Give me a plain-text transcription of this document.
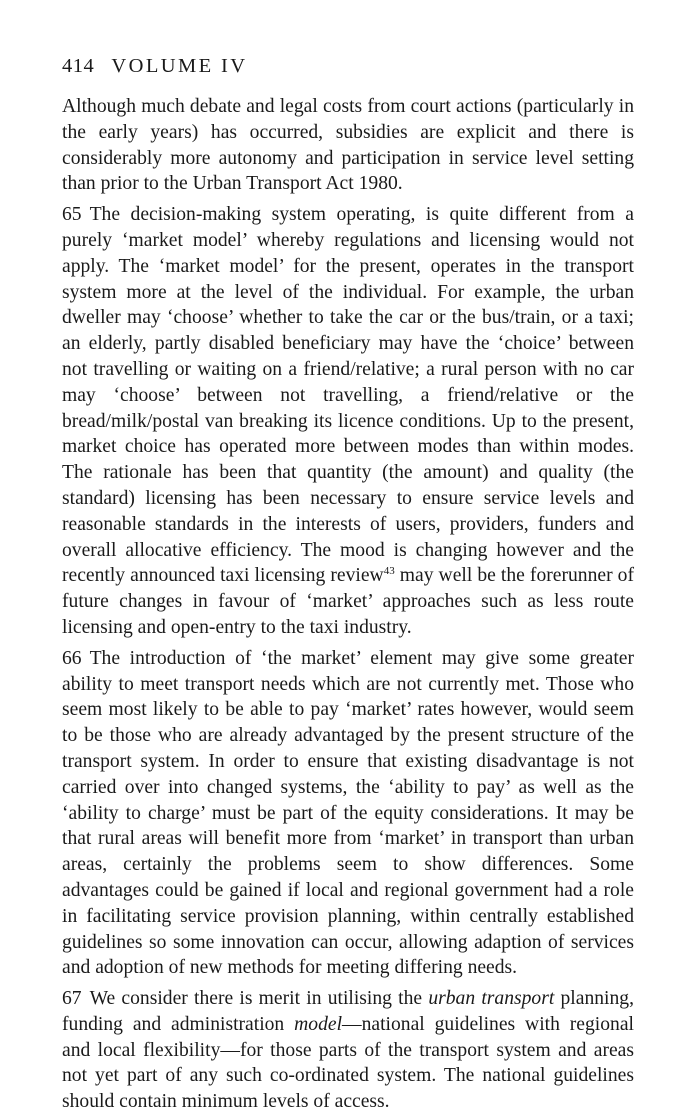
414 VOLUME IV

Although much debate and legal costs from court actions (particularly in the early years) has occurred, subsidies are explicit and there is considerably more autonomy and participation in service level setting than prior to the Urban Transport Act 1980.

65 The decision-making system operating, is quite different from a purely ‘market model’ whereby regulations and licensing would not apply. The ‘market model’ for the present, operates in the transport system more at the level of the individual. For example, the urban dweller may ‘choose’ whether to take the car or the bus/train, or a taxi; an elderly, partly disabled beneficiary may have the ‘choice’ between not travelling or waiting on a friend/relative; a rural person with no car may ‘choose’ between not travelling, a friend/relative or the bread/milk/postal van breaking its licence conditions. Up to the present, market choice has operated more between modes than within modes. The rationale has been that quantity (the amount) and quality (the standard) licensing has been necessary to ensure service levels and reasonable standards in the interests of users, providers, funders and overall allocative efficiency. The mood is changing however and the recently announced taxi licensing review$^{43}$ may well be the forerunner of future changes in favour of ‘market’ approaches such as less route licensing and open-entry to the taxi industry.

66 The introduction of ‘the market’ element may give some greater ability to meet transport needs which are not currently met. Those who seem most likely to be able to pay ‘market’ rates however, would seem to be those who are already advantaged by the present structure of the transport system. In order to ensure that existing disadvantage is not carried over into changed systems, the ‘ability to pay’ as well as the ‘ability to charge’ must be part of the equity considerations. It may be that rural areas will benefit more from ‘market’ in transport than urban areas, certainly the problems seem to show differences. Some advantages could be gained if local and regional government had a role in facilitating service provision planning, within centrally established guidelines so some innovation can occur, allowing adaption of services and adoption of new methods for meeting differing needs.

67 We consider there is merit in utilising the urban transport planning, funding and administration model—national guidelines with regional and local flexibility—for those parts of the transport system and areas not yet part of any such co-ordinated system. The national guidelines should contain minimum levels of access.
